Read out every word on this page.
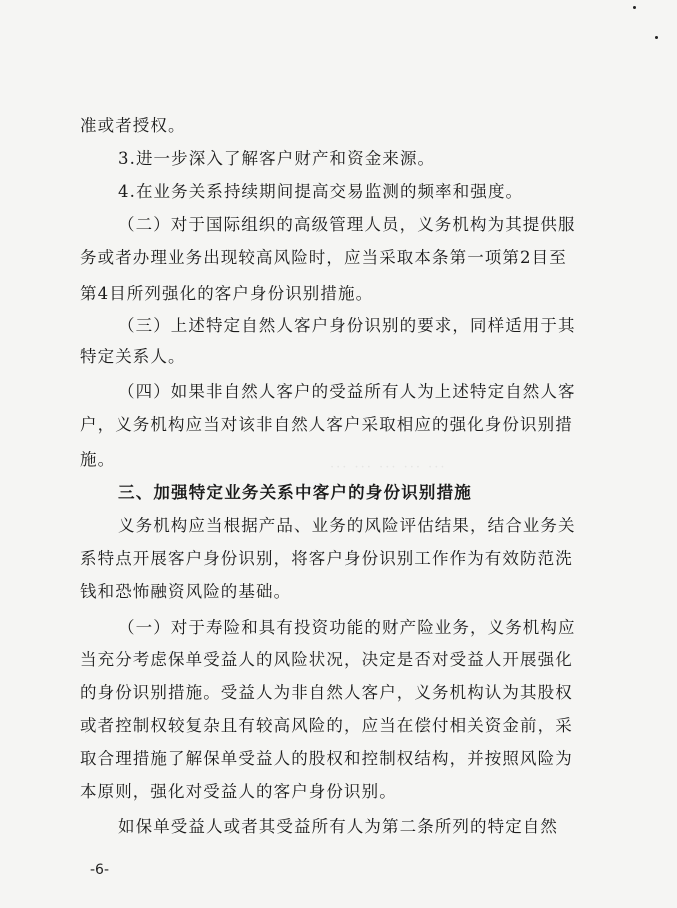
··· ··· ··· ··· ···
准或者授权。
3.进一步深入了解客户财产和资金来源。
4.在业务关系持续期间提高交易监测的频率和强度。
（二）对于国际组织的高级管理人员，义务机构为其提供服
务或者办理业务出现较高风险时，应当采取本条第一项第2目至
第4目所列强化的客户身份识别措施。
（三）上述特定自然人客户身份识别的要求，同样适用于其
特定关系人。
（四）如果非自然人客户的受益所有人为上述特定自然人客
户，义务机构应当对该非自然人客户采取相应的强化身份识别措
施。
三、加强特定业务关系中客户的身份识别措施
义务机构应当根据产品、业务的风险评估结果，结合业务关
系特点开展客户身份识别，将客户身份识别工作作为有效防范洗
钱和恐怖融资风险的基础。
（一）对于寿险和具有投资功能的财产险业务，义务机构应
当充分考虑保单受益人的风险状况，决定是否对受益人开展强化
的身份识别措施。受益人为非自然人客户，义务机构认为其股权
或者控制权较复杂且有较高风险的，应当在偿付相关资金前，采
取合理措施了解保单受益人的股权和控制权结构，并按照风险为
本原则，强化对受益人的客户身份识别。
如保单受益人或者其受益所有人为第二条所列的特定自然
-6-
